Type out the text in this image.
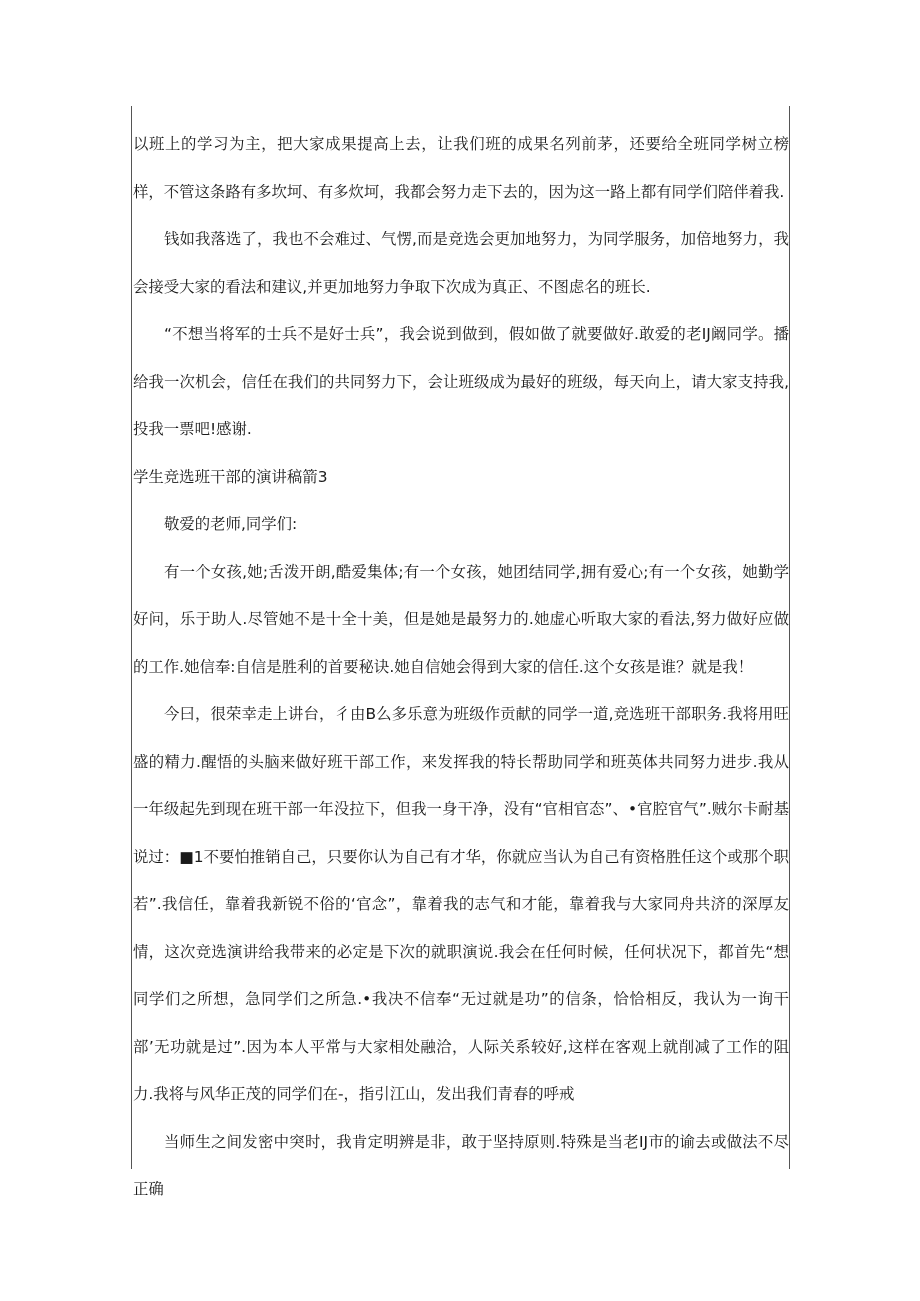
以班上的学习为主，把大家成果提高上去，让我们班的成果名列前茅，还要给全班同学树立榜样，不管这条路有多坎坷、有多炊坷，我都会努力走下去的，因为这一路上都有同学们陪伴着我.

钱如我落选了，我也不会难过、气愣,而是竞选会更加地努力，为同学服务，加倍地努力，我会接受大家的看法和建议,并更加地努力争取下次成为真正、不图虑名的班长.

“不想当将军的士兵不是好士兵”，我会说到做到，假如做了就要做好.敢爱的老IJ阚同学。播给我一次机会，信任在我们的共同努力下，会让班级成为最好的班级，每天向上，请大家支持我,投我一票吧!感谢.

学生竞选班干部的演讲稿箭3

敬爱的老师,同学们:

有一个女孩,她;舌泼开朗,酷爱集体;有一个女孩，她团结同学,拥有爱心;有一个女孩，她勤学好问，乐于助人.尽管她不是十全十美，但是她是最努力的.她虚心听取大家的看法,努力做好应做的工作.她信奉:自信是胜利的首要秘诀.她自信她会得到大家的信任.这个女孩是谁？就是我！

今曰，很荣幸走上讲台，彳由B么多乐意为班级作贡献的同学一道,竞选班干部职务.我将用旺盛的精力.醒悟的头脑来做好班干部工作，来发挥我的特长帮助同学和班英体共同努力进步.我从一年级起先到现在班干部一年没拉下，但我一身干净，没有“官相官态”、•官腔官气”.贼尔卡耐基说过：■1不要怕推销自己，只要你认为自己有才华，你就应当认为自己有资格胜任这个或那个职若”.我信任，靠着我新锐不俗的‘官念”，靠着我的志气和才能，靠着我与大家同舟共济的深厚友情，这次竞选演讲给我带来的必定是下次的就职演说.我会在任何时候，任何状况下，都首先“想同学们之所想，急同学们之所急.•我决不信奉“无过就是功”的信条，恰恰相反，我认为一询干部’无功就是过”.因为本人平常与大家相处融洽，人际关系较好,这样在客观上就削减了工作的阻力.我将与风华正茂的同学们在-，指引江山，发出我们青春的呼戒

当师生之间发密中突时，我肯定明辨是非，敢于坚持原则.特殊是当老IJ市的谕去或做法不尽正确
